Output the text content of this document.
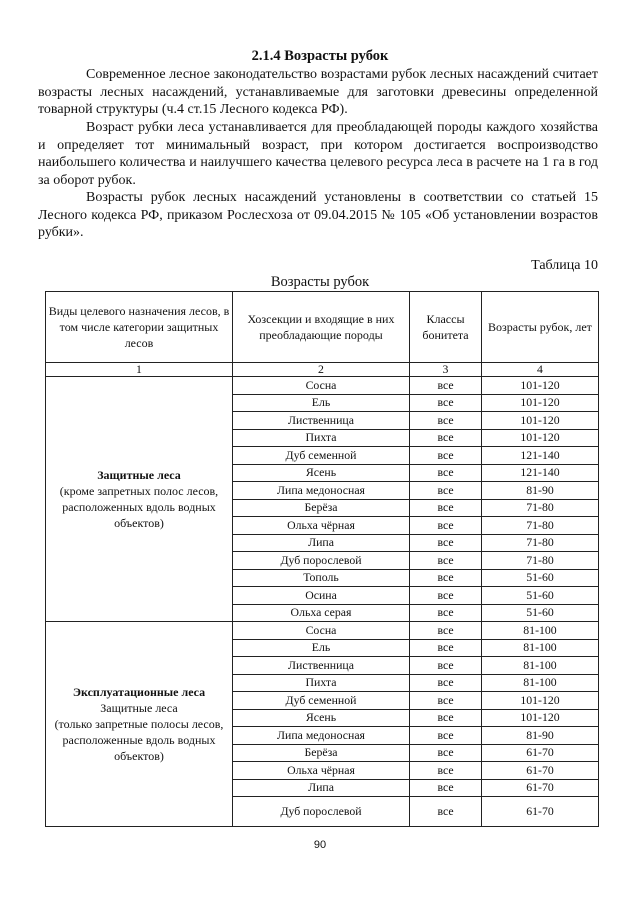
2.1.4 Возрасты рубок
Современное лесное законодательство возрастами рубок лесных насаждений считает возрасты лесных насаждений, устанавливаемые для заготовки древесины определенной товарной структуры (ч.4 ст.15 Лесного кодекса РФ).
Возраст рубки леса устанавливается для преобладающей породы каждого хозяйства и определяет тот минимальный возраст, при котором достигается воспроизводство наибольшего количества и наилучшего качества целевого ресурса леса в расчете на 1 га в год за оборот рубок.
Возрасты рубок лесных насаждений установлены в соответствии со статьей 15 Лесного кодекса РФ, приказом Рослесхоза от 09.04.2015 № 105 «Об установлении возрастов рубки».
Таблица 10
Возрасты рубок
Виды целевого назначения лесов, в том числе категории защитных лесов	Хозсекции и входящие в них преобладающие породы	Классы бонитета	Возрасты рубок, лет
1	2	3	4

Защитные леса
(кроме запретных полос лесов, расположенных вдоль водных объектов)	Сосна	все	101-120
	Ель	все	101-120
	Лиственница	все	101-120
	Пихта	все	101-120
	Дуб семенной	все	121-140
	Ясень	все	121-140
	Липа медоносная	все	81-90
	Берёза	все	71-80
	Ольха чёрная	все	71-80
	Липа	все	71-80
	Дуб порослевой	все	71-80
	Тополь	все	51-60
	Осина	все	51-60
	Ольха серая	все	51-60

Эксплуатационные леса
Защитные леса
(только запретные полосы лесов, расположенные вдоль водных объектов)	Сосна	все	81-100
	Ель	все	81-100
	Лиственница	все	81-100
	Пихта	все	81-100
	Дуб семенной	все	101-120
	Ясень	все	101-120
	Липа медоносная	все	81-90
	Берёза	все	61-70
	Ольха чёрная	все	61-70
	Липа	все	61-70
	Дуб порослевой	все	61-70
90
